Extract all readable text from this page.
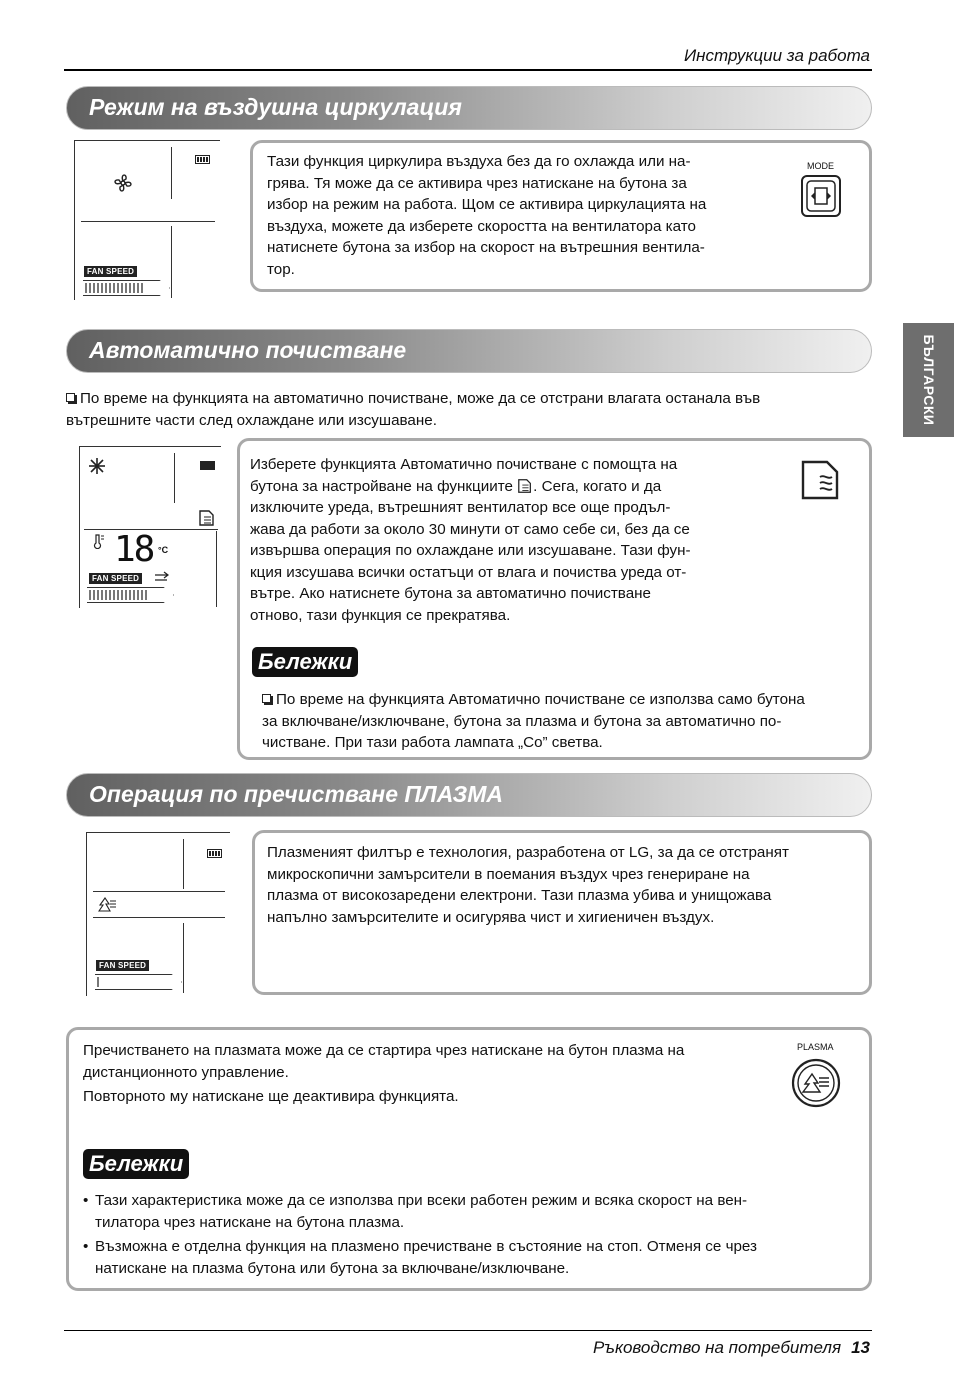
Инструкции за работа
БЪЛГАРСКИ
Режим на въздушна циркулация
FAN SPEED
Тази функция циркулира въздуха без да го охлажда или на-
грява. Тя може да се активира чрез натискане на бутона за
избор на режим на работа. Щом се активира циркулацията на
въздуха, можете да изберете скоростта на вентилатора като
натиснете бутона за избор на скорост на вътрешния вентила-
тор.
MODE
Автоматично почистване
По време на функцията на автоматично почистване, може да се отстрани влагата останала във
вътрешните части след охлаждане или изсушаване.
18 °C
FAN SPEED
Изберете функцията Автоматично почистване с помощта на
бутона за настройване на функциите . Сега, когато и да
изключите уреда, вътрешният вентилатор все още продъл-
жава да работи за около 30 минути от само себе си, без да се
извършва операция по охлаждане или изсушаване. Тази фун-
кция изсушава всички остатъци от влага и почиства уреда от-
вътре. Ако натиснете бутона за автоматично почистване
отново, тази функция се прекратява.
Бележки
По време на функцията Автоматично почистване се използва само бутона
за включване/изключване, бутона за плазма и бутона за автоматично по-
чистване. При тази работа лампата „Co” светва.
Операция по пречистване ПЛАЗМА
FAN SPEED
Плазменият филтър е технология, разработена от LG, за да се отстранят
микроскопични замърсители в поемания въздух чрез генериране на
плазма от високозаредени електрони. Тази плазма убива и унищожава
напълно замърсителите и осигурява чист и хигиеничен въздух.
Пречистването на плазмата може да се стартира чрез натискане на бутон плазма на
дистанционното управление.
Повторното му натискане ще деактивира функцията.
PLASMA
Бележки
• Тази характеристика може да се използва при всеки работен режим и всяка скорост на вен-
тилатора чрез натискане на бутона плазма.
• Възможна е отделна функция на плазмено пречистване в състояние на стоп. Отменя се чрез
натискане на плазма бутона или бутона за включване/изключване.
Ръководство на потребителя 13
